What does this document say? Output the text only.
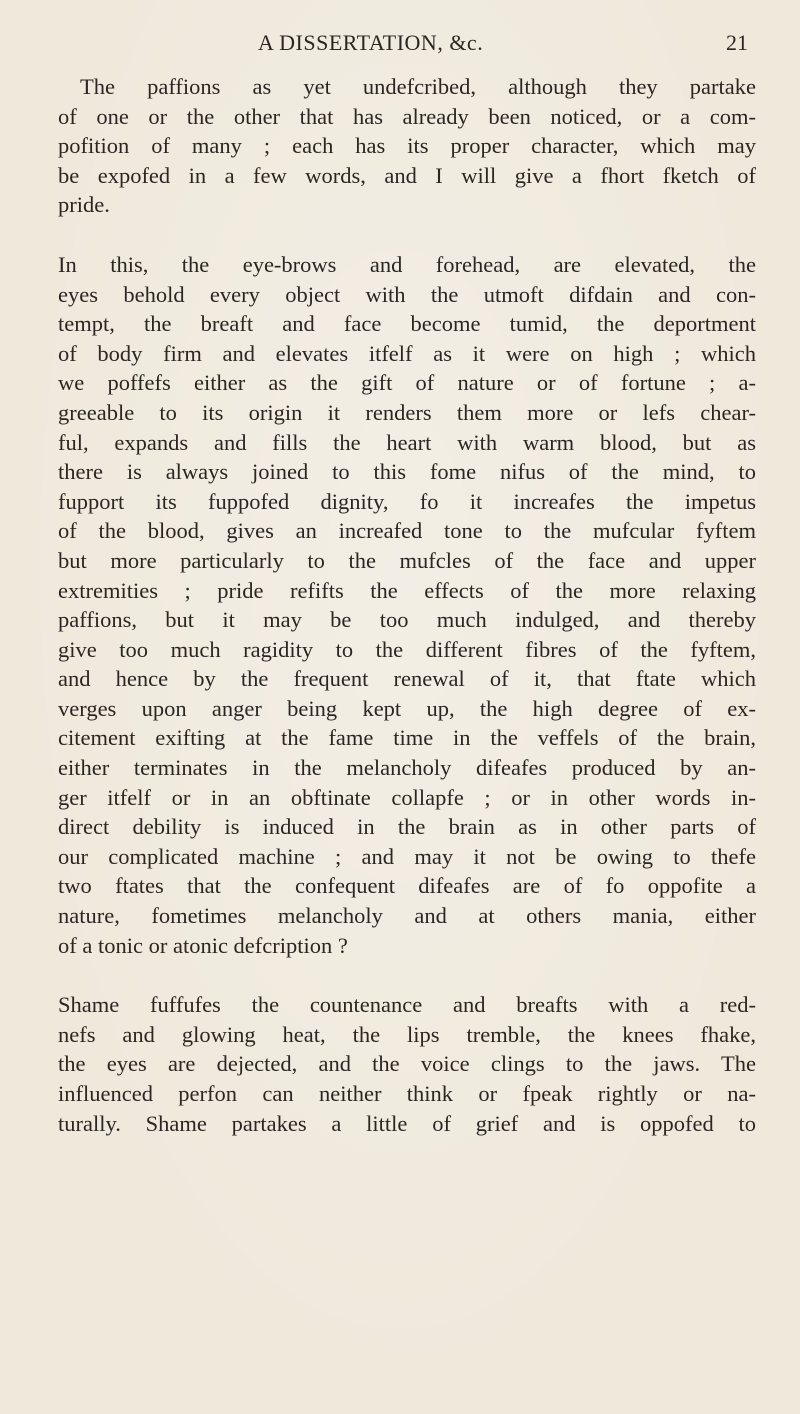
A DISSERTATION, &c.	21
The paffions as yet undefcribed, although they partake
of one or the other that has already been noticed, or a com-
pofition of many ; each has its proper character, which may
be expofed in a few words, and I will give a fhort fketch of
pride.
In this, the eye-brows and forehead, are elevated, the
eyes behold every object with the utmoft difdain and con-
tempt, the breaft and face become tumid, the deportment
of body firm and elevates itfelf as it were on high ; which
we poffefs either as the gift of nature or of fortune ; a-
greeable to its origin it renders them more or lefs chear-
ful, expands and fills the heart with warm blood, but as
there is always joined to this fome nifus of the mind, to
fupport its fuppofed dignity, fo it increafes the impetus
of the blood, gives an increafed tone to the mufcular fyftem
but more particularly to the mufcles of the face and upper
extremities ; pride refifts the effects of the more relaxing
paffions, but it may be too much indulged, and thereby
give too much ragidity to the different fibres of the fyftem,
and hence by the frequent renewal of it, that ftate which
verges upon anger being kept up, the high degree of ex-
citement exifting at the fame time in the veffels of the brain,
either terminates in the melancholy difeafes produced by an-
ger itfelf or in an obftinate collapfe ; or in other words in-
direct debility is induced in the brain as in other parts of
our complicated machine ; and may it not be owing to thefe
two ftates that the confequent difeafes are of fo oppofite a
nature, fometimes melancholy and at others mania, either
of a tonic or atonic defcription ?
Shame fuffufes the countenance and breafts with a red-
nefs and glowing heat, the lips tremble, the knees fhake,
the eyes are dejected, and the voice clings to the jaws. The
influenced perfon can neither think or fpeak rightly or na-
turally. Shame partakes a little of grief and is oppofed to
